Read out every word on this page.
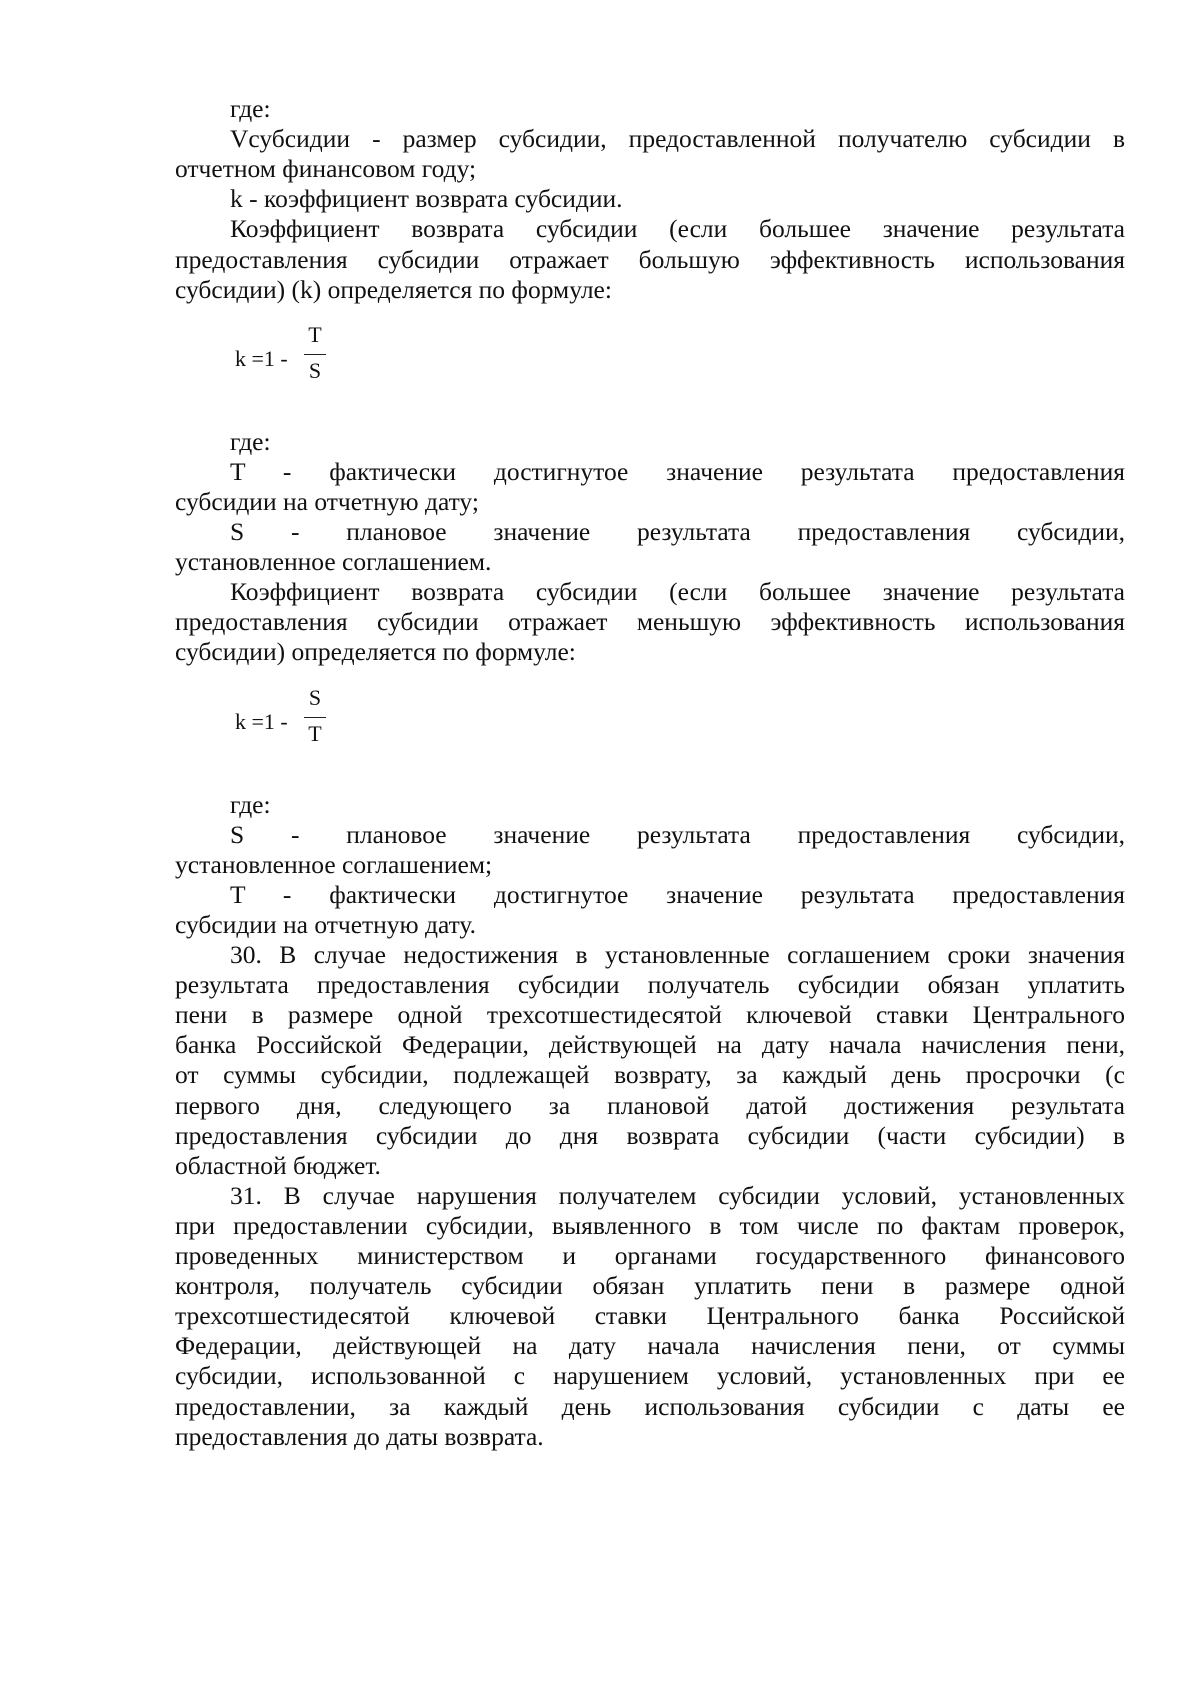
где:
Vсубсидии - размер субсидии, предоставленной получателю субсидии в
отчетном финансовом году;
k - коэффициент возврата субсидии.
Коэффициент возврата субсидии (если большее значение результата
предоставления субсидии отражает большую эффективность использования
субсидии) (k) определяется по формуле:
k =1 -
T
S
где:
T - фактически достигнутое значение результата предоставления
субсидии на отчетную дату;
S - плановое значение результата предоставления субсидии,
установленное соглашением.
Коэффициент возврата субсидии (если большее значение результата
предоставления субсидии отражает меньшую эффективность использования
субсидии) определяется по формуле:
k =1 -
S
T
где:
S - плановое значение результата предоставления субсидии,
установленное соглашением;
T - фактически достигнутое значение результата предоставления
субсидии на отчетную дату.
30. В случае недостижения в установленные соглашением сроки значения
результата предоставления субсидии получатель субсидии обязан уплатить
пени в размере одной трехсотшестидесятой ключевой ставки Центрального
банка Российской Федерации, действующей на дату начала начисления пени,
от суммы субсидии, подлежащей возврату, за каждый день просрочки (с
первого дня, следующего за плановой датой достижения результата
предоставления субсидии до дня возврата субсидии (части субсидии) в
областной бюджет.
31. В случае нарушения получателем субсидии условий, установленных
при предоставлении субсидии, выявленного в том числе по фактам проверок,
проведенных министерством и органами государственного финансового
контроля, получатель субсидии обязан уплатить пени в размере одной
трехсотшестидесятой ключевой ставки Центрального банка Российской
Федерации, действующей на дату начала начисления пени, от суммы
субсидии, использованной с нарушением условий, установленных при ее
предоставлении, за каждый день использования субсидии с даты ее
предоставления до даты возврата.
